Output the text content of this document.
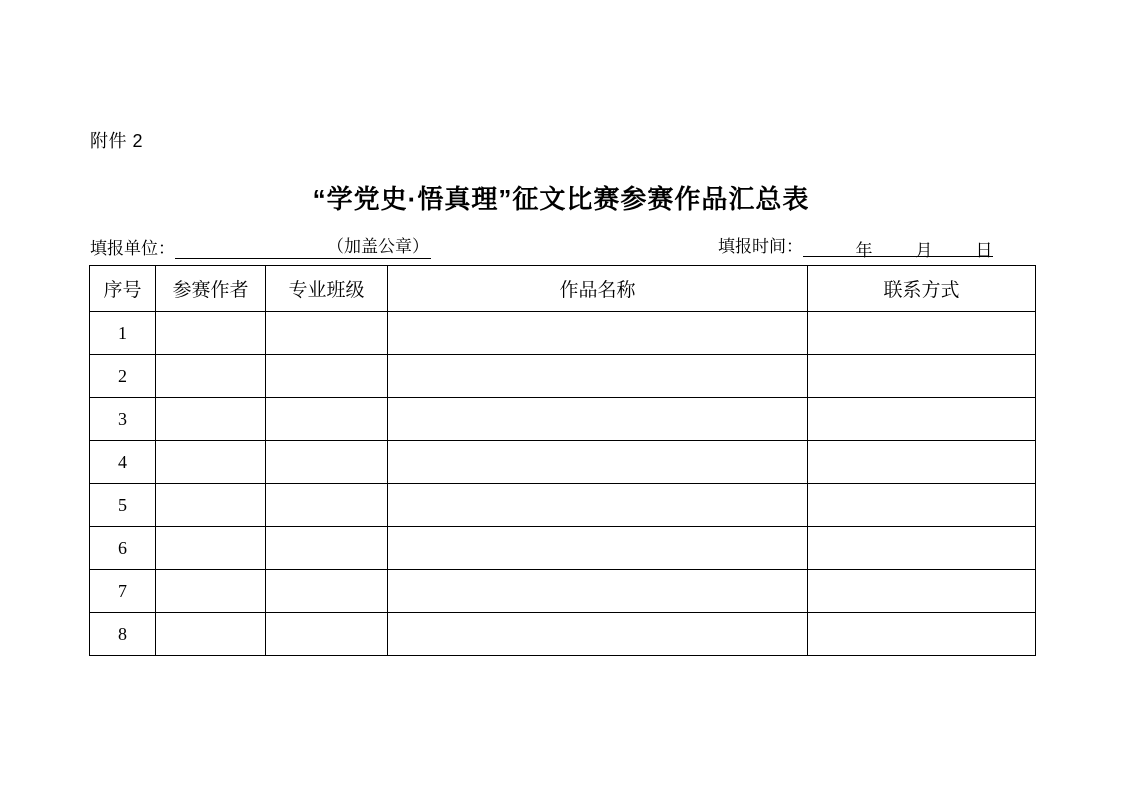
附件 2
“学党史·悟真理”征文比赛参赛作品汇总表
填报单位：	（加盖公章）	填报时间：	年	月	日
序号	参赛作者	专业班级	作品名称	联系方式
1				
2				
3				
4				
5				
6				
7				
8				
